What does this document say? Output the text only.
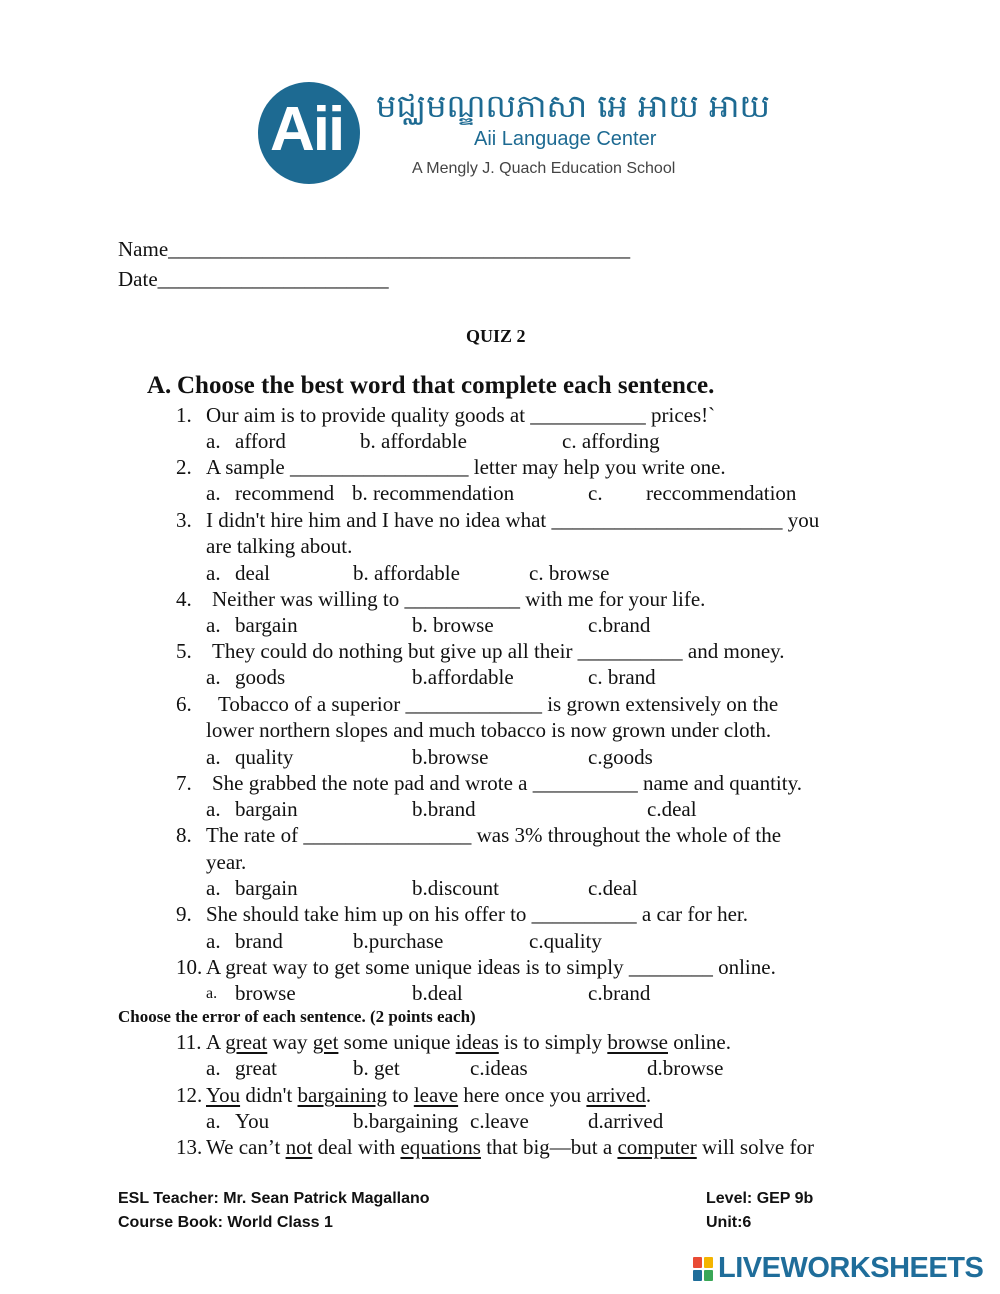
Aii មជ្ឈមណ្ឌលភាសា អេ អាយ អាយ
Aii Language Center
A Mengly J. Quach Education School
Name____________________________________________
Date______________________
QUIZ 2
A. Choose the best word that complete each sentence.
1. Our aim is to provide quality goods at ___________ prices!`
a. afford	b. affordable	c. affording
2. A sample _________________ letter may help you write one.
a. recommend b. recommendation	c. reccommendation
3. I didn't hire him and I have no idea what ______________________ you
are talking about.
a. deal	b. affordable	c. browse
4. Neither was willing to ___________ with me for your life.
a. bargain	b. browse	c.brand
5. They could do nothing but give up all their __________ and money.
a. goods	b.affordable	c. brand
6. Tobacco of a superior _____________ is grown extensively on the
lower northern slopes and much tobacco is now grown under cloth.
a. quality	b.browse	c.goods
7. She grabbed the note pad and wrote a __________ name and quantity.
a. bargain	b.brand	c.deal
8. The rate of ________________ was 3% throughout the whole of the
year.
a. bargain	b.discount	c.deal
9. She should take him up on his offer to __________ a car for her.
a. brand	b.purchase	c.quality
10. A great way to get some unique ideas is to simply ________ online.
a. browse	b.deal	c.brand
Choose the error of each sentence. (2 points each)
11. A great way get some unique ideas is to simply browse online.
a. great	b. get	c.ideas	d.browse
12. You didn't bargaining to leave here once you arrived.
a. You	b.bargaining c.leave	d.arrived
13. We can’t not deal with equations that big—but a computer will solve for
ESL Teacher: Mr. Sean Patrick Magallano
Course Book: World Class 1
Level: GEP 9b
Unit:6
LIVEWORKSHEETS
